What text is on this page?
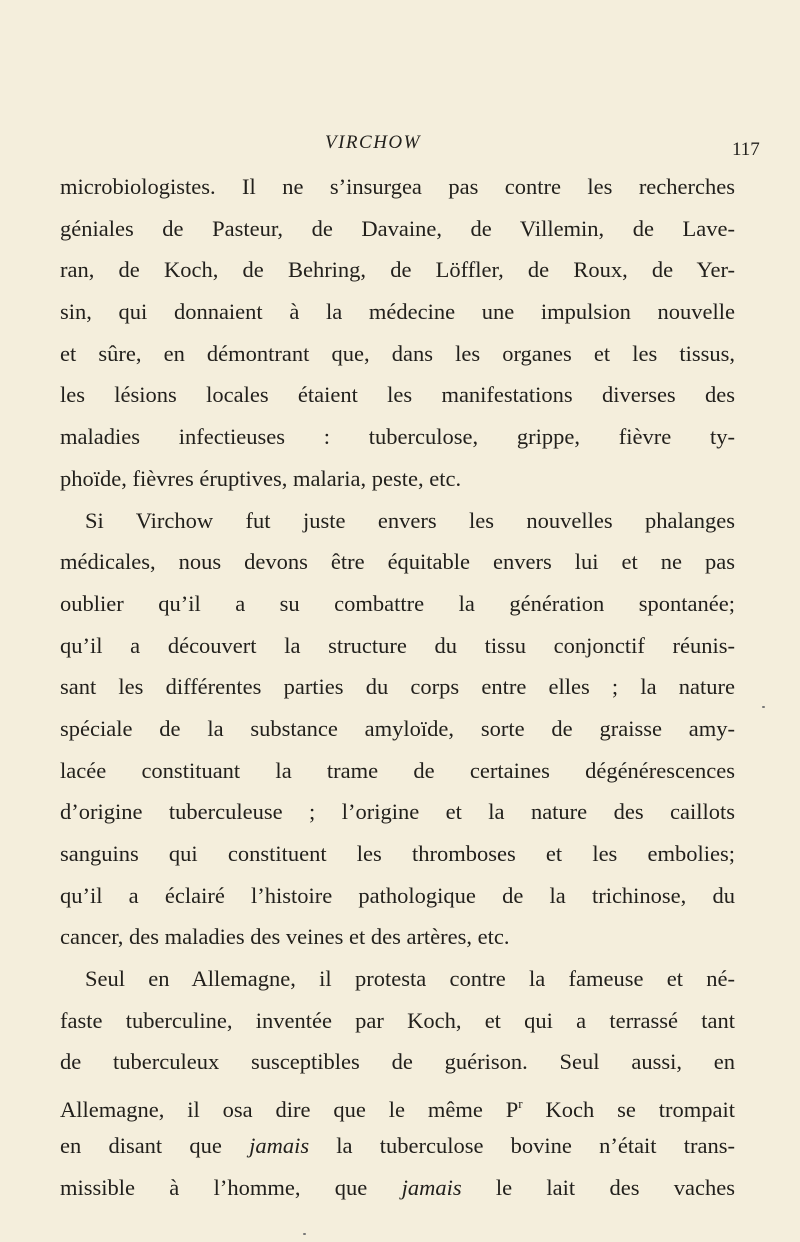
VIRCHOW	117
microbiologistes. Il ne s’insurgea pas contre les recherches
géniales de Pasteur, de Davaine, de Villemin, de Lave-
ran, de Koch, de Behring, de Löffler, de Roux, de Yer-
sin, qui donnaient à la médecine une impulsion nouvelle
et sûre, en démontrant que, dans les organes et les tissus,
les lésions locales étaient les manifestations diverses des
maladies infectieuses : tuberculose, grippe, fièvre ty-
phoïde, fièvres éruptives, malaria, peste, etc.
Si Virchow fut juste envers les nouvelles phalanges
médicales, nous devons être équitable envers lui et ne pas
oublier qu’il a su combattre la génération spontanée;
qu’il a découvert la structure du tissu conjonctif réunis-
sant les différentes parties du corps entre elles ; la nature
spéciale de la substance amyloïde, sorte de graisse amy-
lacée constituant la trame de certaines dégénérescences
d’origine tuberculeuse ; l’origine et la nature des caillots
sanguins qui constituent les thromboses et les embolies;
qu’il a éclairé l’histoire pathologique de la trichinose, du
cancer, des maladies des veines et des artères, etc.
Seul en Allemagne, il protesta contre la fameuse et né-
faste tuberculine, inventée par Koch, et qui a terrassé tant
de tuberculeux susceptibles de guérison. Seul aussi, en
Allemagne, il osa dire que le même $P^r$ Koch se trompait
en disant que jamais la tuberculose bovine n’était trans-
missible à l’homme, que jamais le lait des vaches
